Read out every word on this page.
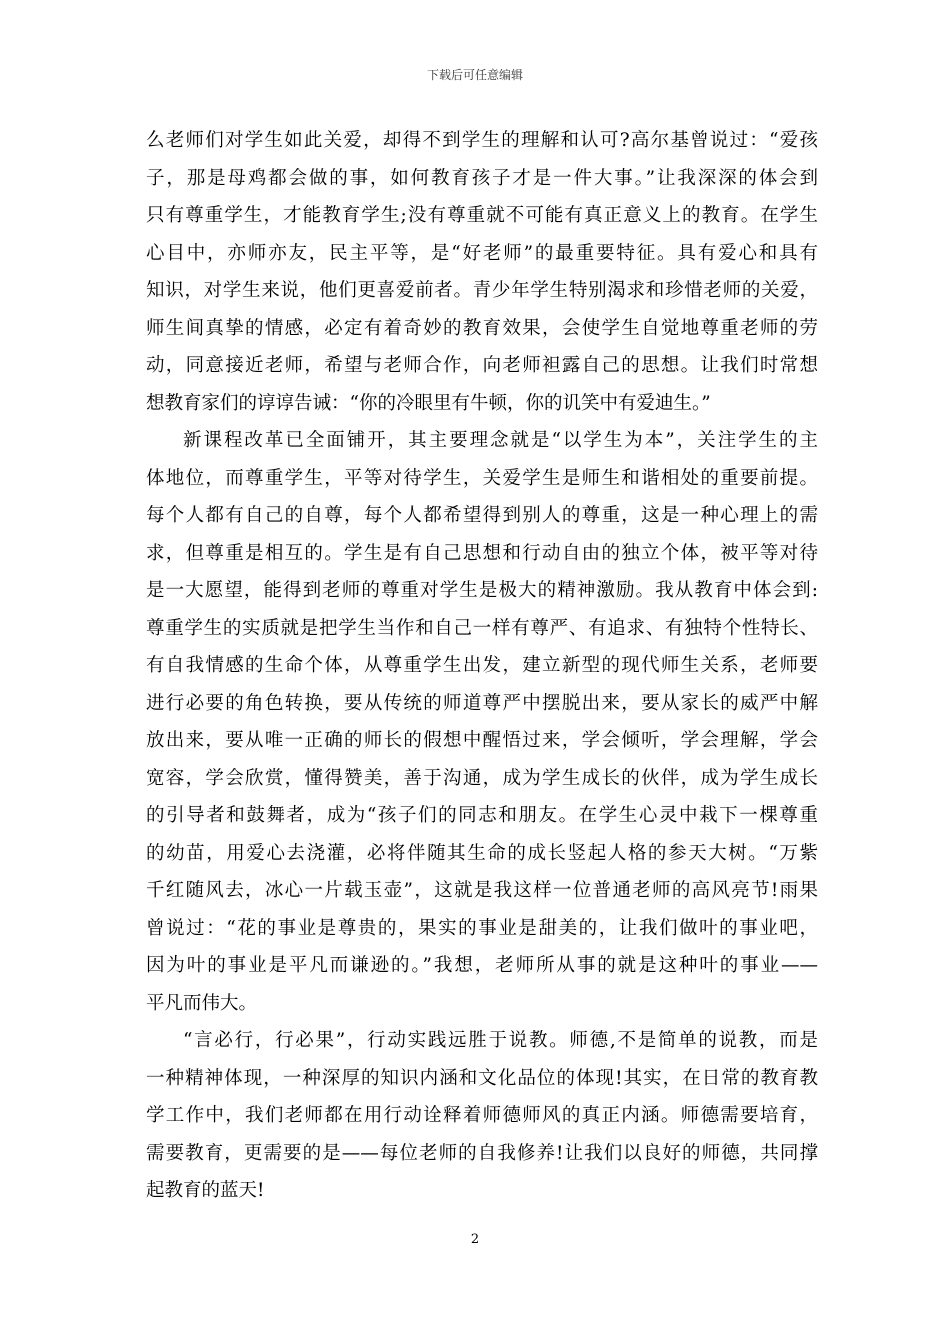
下载后可任意编辑
么老师们对学生如此关爱，却得不到学生的理解和认可?高尔基曾说过：“爱孩
子，那是母鸡都会做的事，如何教育孩子才是一件大事。”让我深深的体会到
只有尊重学生，才能教育学生;没有尊重就不可能有真正意义上的教育。在学生
心目中，亦师亦友，民主平等，是“好老师”的最重要特征。具有爱心和具有
知识，对学生来说，他们更喜爱前者。青少年学生特别渴求和珍惜老师的关爱，
师生间真挚的情感，必定有着奇妙的教育效果，会使学生自觉地尊重老师的劳
动，同意接近老师，希望与老师合作，向老师袒露自己的思想。让我们时常想
想教育家们的谆谆告诫：“你的冷眼里有牛顿，你的讥笑中有爱迪生。”
新课程改革已全面铺开，其主要理念就是“以学生为本”，关注学生的主
体地位，而尊重学生，平等对待学生，关爱学生是师生和谐相处的重要前提。
每个人都有自己的自尊，每个人都希望得到别人的尊重，这是一种心理上的需
求，但尊重是相互的。学生是有自己思想和行动自由的独立个体，被平等对待
是一大愿望，能得到老师的尊重对学生是极大的精神激励。我从教育中体会到:
尊重学生的实质就是把学生当作和自己一样有尊严、有追求、有独特个性特长、
有自我情感的生命个体，从尊重学生出发，建立新型的现代师生关系，老师要
进行必要的角色转换，要从传统的师道尊严中摆脱出来，要从家长的威严中解
放出来，要从唯一正确的师长的假想中醒悟过来，学会倾听，学会理解，学会
宽容，学会欣赏，懂得赞美，善于沟通，成为学生成长的伙伴，成为学生成长
的引导者和鼓舞者，成为“孩子们的同志和朋友。在学生心灵中栽下一棵尊重
的幼苗，用爱心去浇灌，必将伴随其生命的成长竖起人格的参天大树。“万紫
千红随风去，冰心一片载玉壶”，这就是我这样一位普通老师的高风亮节!雨果
曾说过：“花的事业是尊贵的，果实的事业是甜美的，让我们做叶的事业吧，
因为叶的事业是平凡而谦逊的。”我想，老师所从事的就是这种叶的事业——
平凡而伟大。
“言必行，行必果”，行动实践远胜于说教。师德,不是简单的说教，而是
一种精神体现，一种深厚的知识内涵和文化品位的体现!其实，在日常的教育教
学工作中，我们老师都在用行动诠释着师德师风的真正内涵。师德需要培育，
需要教育，更需要的是——每位老师的自我修养!让我们以良好的师德，共同撑
起教育的蓝天!
2
